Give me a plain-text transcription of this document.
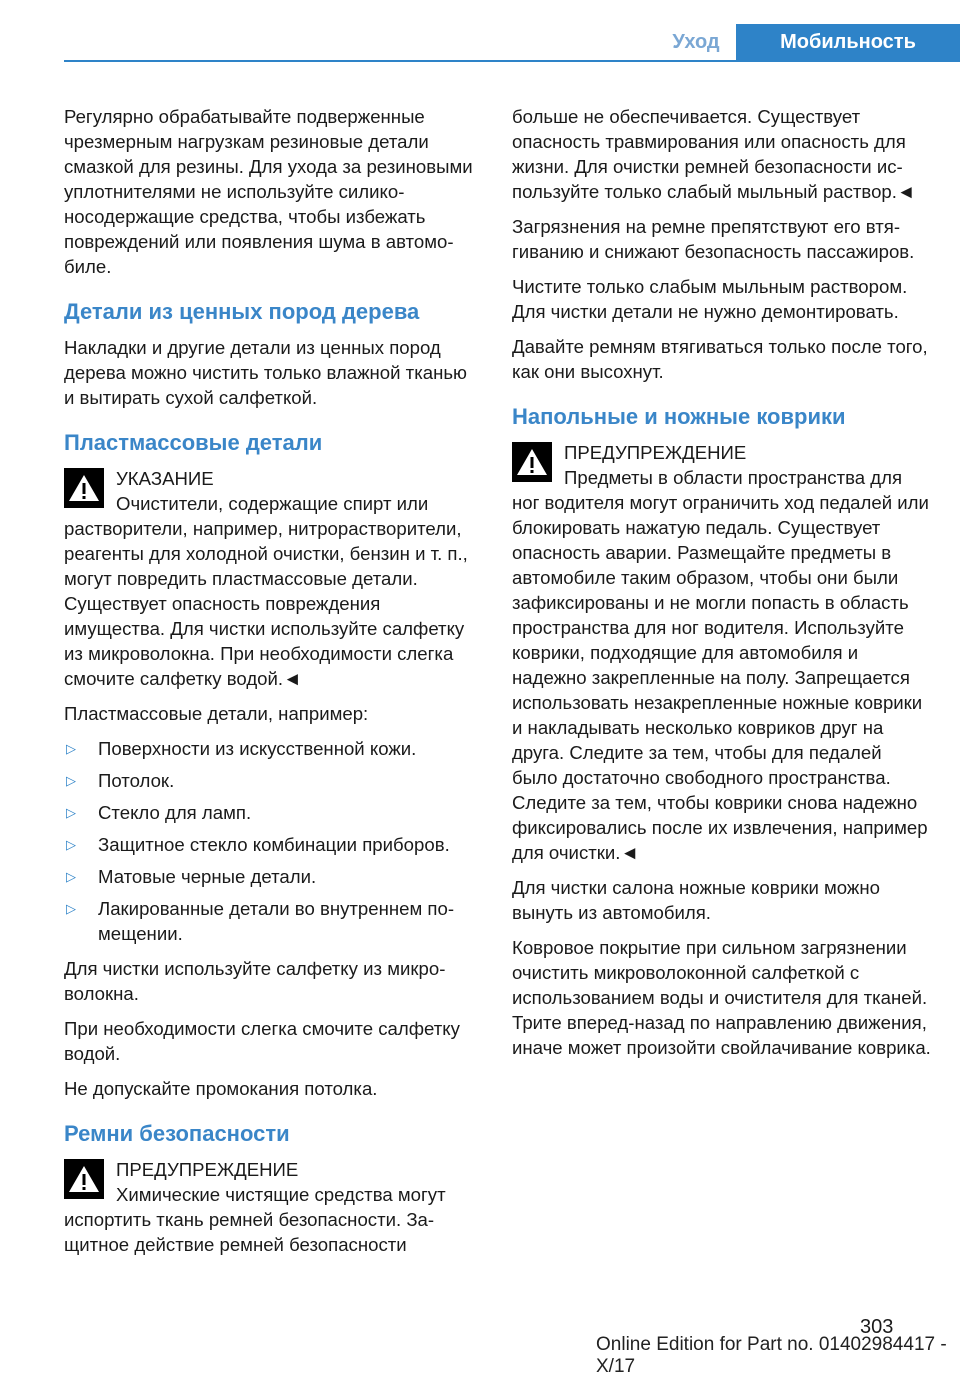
Уход	Мобильность

Регулярно обрабатывайте подверженные чрезмерным нагрузкам резиновые детали смазкой для резины. Для ухода за резиновыми уплотнителями не используйте силиконосодержащие средства, чтобы избежать повреждений или появления шума в автомобиле.

Детали из ценных пород дерева

Накладки и другие детали из ценных пород дерева можно чистить только влажной тканью и вытирать сухой салфеткой.

Пластмассовые детали

УКАЗАНИЕ

Очистители, содержащие спирт или растворители, например, нитрорастворители, реагенты для холодной очистки, бензин и т. п., могут повредить пластмассовые детали. Существует опасность повреждения имущества. Для чистки используйте салфетку из микроволокна. При необходимости слегка смочите салфетку водой.◄

Пластмассовые детали, например:

▷ Поверхности из искусственной кожи.
▷ Потолок.
▷ Стекло для ламп.
▷ Защитное стекло комбинации приборов.
▷ Матовые черные детали.
▷ Лакированные детали во внутреннем помещении.

Для чистки используйте салфетку из микроволокна.

При необходимости слегка смочите салфетку водой.

Не допускайте промокания потолка.

Ремни безопасности

ПРЕДУПРЕЖДЕНИЕ

Химические чистящие средства могут испортить ткань ремней безопасности. Защитное действие ремней безопасности

больше не обеспечивается. Существует опасность травмирования или опасность для жизни. Для очистки ремней безопасности используйте только слабый мыльный раствор.◄

Загрязнения на ремне препятствуют его втягиванию и снижают безопасность пассажиров.

Чистите только слабым мыльным раствором. Для чистки детали не нужно демонтировать.

Давайте ремням втягиваться только после того, как они высохнут.

Напольные и ножные коврики

ПРЕДУПРЕЖДЕНИЕ

Предметы в области пространства для ног водителя могут ограничить ход педалей или блокировать нажатую педаль. Существует опасность аварии. Размещайте предметы в автомобиле таким образом, чтобы они были зафиксированы и не могли попасть в область пространства для ног водителя. Используйте коврики, подходящие для автомобиля и надежно закрепленные на полу. Запрещается использовать незакрепленные ножные коврики и накладывать несколько ковриков друг на друга. Следите за тем, чтобы для педалей было достаточно свободного пространства. Следите за тем, чтобы коврики снова надежно фиксировались после их извлечения, например для очистки.◄

Для чистки салона ножные коврики можно вынуть из автомобиля.

Ковровое покрытие при сильном загрязнении очистить микроволоконной салфеткой с использованием воды и очистителя для тканей. Трите вперед-назад по направлению движения, иначе может произойти свойлачивание коврика.

303
Online Edition for Part no. 01402984417 - X/17
